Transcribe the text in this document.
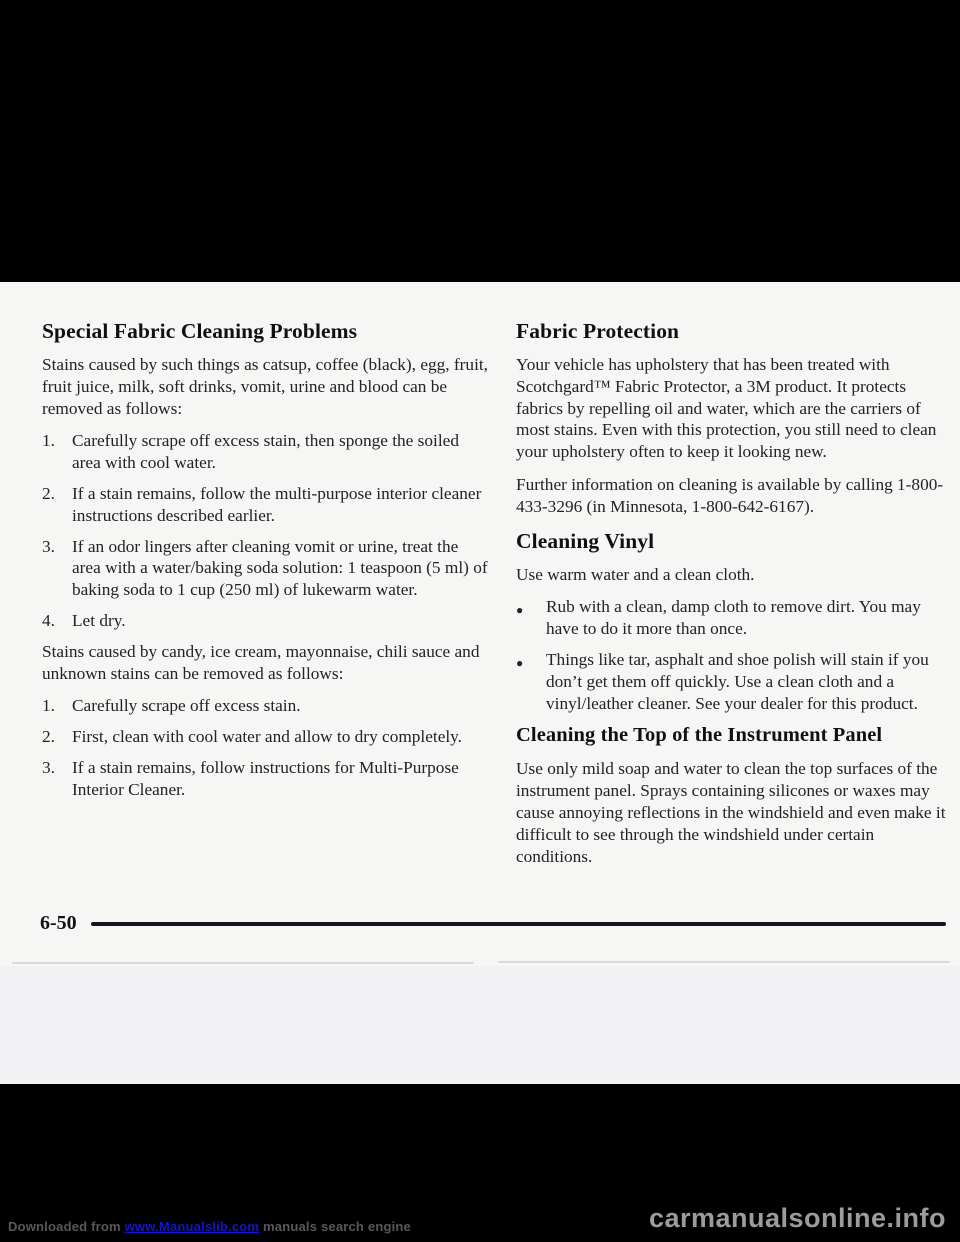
Special Fabric Cleaning Problems

Stains caused by such things as catsup, coffee (black), egg, fruit, fruit juice, milk, soft drinks, vomit, urine and blood can be removed as follows:

1. Carefully scrape off excess stain, then sponge the soiled area with cool water.
2. If a stain remains, follow the multi-purpose interior cleaner instructions described earlier.
3. If an odor lingers after cleaning vomit or urine, treat the area with a water/baking soda solution: 1 teaspoon (5 ml) of baking soda to 1 cup (250 ml) of lukewarm water.
4. Let dry.

Stains caused by candy, ice cream, mayonnaise, chili sauce and unknown stains can be removed as follows:

1. Carefully scrape off excess stain.
2. First, clean with cool water and allow to dry completely.
3. If a stain remains, follow instructions for Multi-Purpose Interior Cleaner.
Fabric Protection

Your vehicle has upholstery that has been treated with Scotchgard™ Fabric Protector, a 3M product. It protects fabrics by repelling oil and water, which are the carriers of most stains. Even with this protection, you still need to clean your upholstery often to keep it looking new.

Further information on cleaning is available by calling 1-800-433-3296 (in Minnesota, 1-800-642-6167).

Cleaning Vinyl

Use warm water and a clean cloth.

●	Rub with a clean, damp cloth to remove dirt. You may have to do it more than once.
●	Things like tar, asphalt and shoe polish will stain if you don’t get them off quickly. Use a clean cloth and a vinyl/leather cleaner. See your dealer for this product.
Cleaning the Top of the Instrument Panel

Use only mild soap and water to clean the top surfaces of the instrument panel. Sprays containing silicones or waxes may cause annoying reflections in the windshield and even make it difficult to see through the windshield under certain conditions.

6-50
Downloaded from www.Manualslib.com manuals search engine	carmanualsonline.info
